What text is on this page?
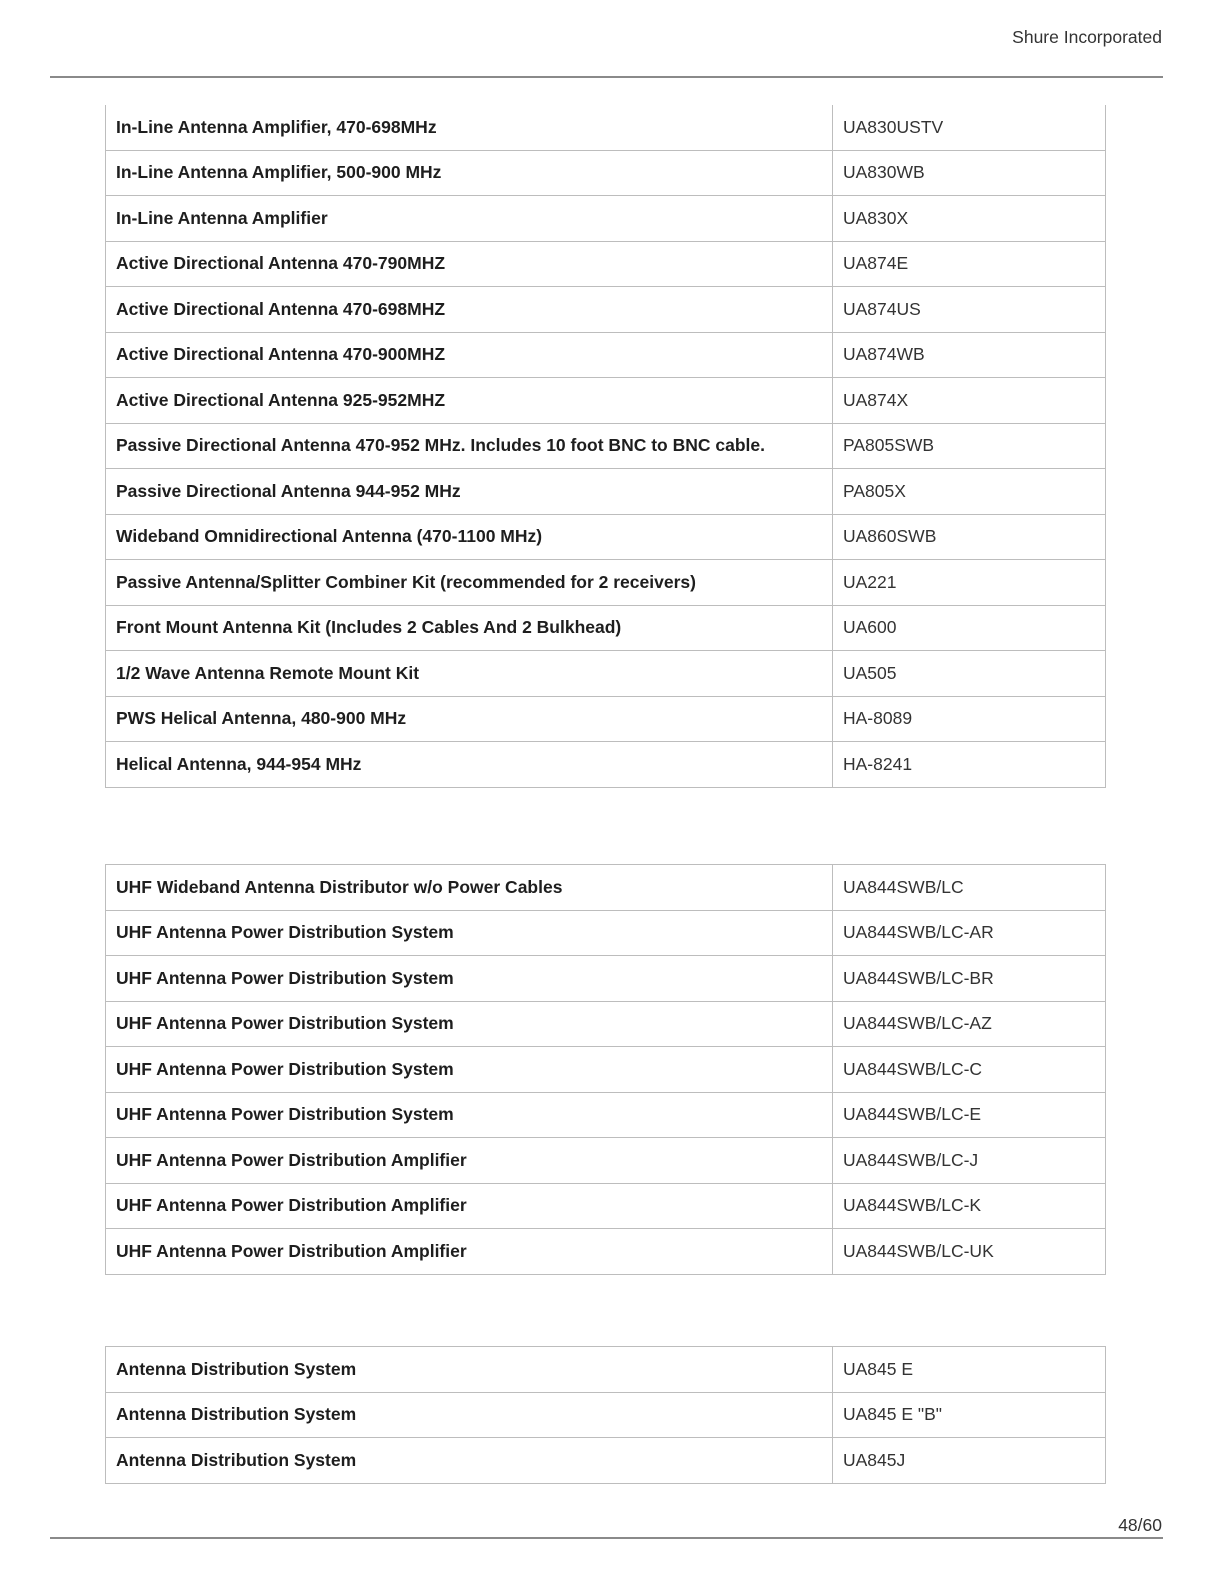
Shure Incorporated
In-Line Antenna Amplifier, 470-698MHz	UA830USTV
In-Line Antenna Amplifier, 500-900 MHz	UA830WB
In-Line Antenna Amplifier	UA830X
Active Directional Antenna 470-790MHZ	UA874E
Active Directional Antenna 470-698MHZ	UA874US
Active Directional Antenna 470-900MHZ	UA874WB
Active Directional Antenna 925-952MHZ	UA874X
Passive Directional Antenna 470-952 MHz. Includes 10 foot BNC to BNC cable.	PA805SWB
Passive Directional Antenna 944-952 MHz	PA805X
Wideband Omnidirectional Antenna (470-1100 MHz)	UA860SWB
Passive Antenna/Splitter Combiner Kit (recommended for 2 receivers)	UA221
Front Mount Antenna Kit (Includes 2 Cables And 2 Bulkhead)	UA600
1/2 Wave Antenna Remote Mount Kit	UA505
PWS Helical Antenna, 480-900 MHz	HA-8089
Helical Antenna, 944-954 MHz	HA-8241
UHF Wideband Antenna Distributor w/o Power Cables	UA844SWB/LC
UHF Antenna Power Distribution System	UA844SWB/LC-AR
UHF Antenna Power Distribution System	UA844SWB/LC-BR
UHF Antenna Power Distribution System	UA844SWB/LC-AZ
UHF Antenna Power Distribution System	UA844SWB/LC-C
UHF Antenna Power Distribution System	UA844SWB/LC-E
UHF Antenna Power Distribution Amplifier	UA844SWB/LC-J
UHF Antenna Power Distribution Amplifier	UA844SWB/LC-K
UHF Antenna Power Distribution Amplifier	UA844SWB/LC-UK
Antenna Distribution System	UA845 E
Antenna Distribution System	UA845 E "B"
Antenna Distribution System	UA845J
48/60
